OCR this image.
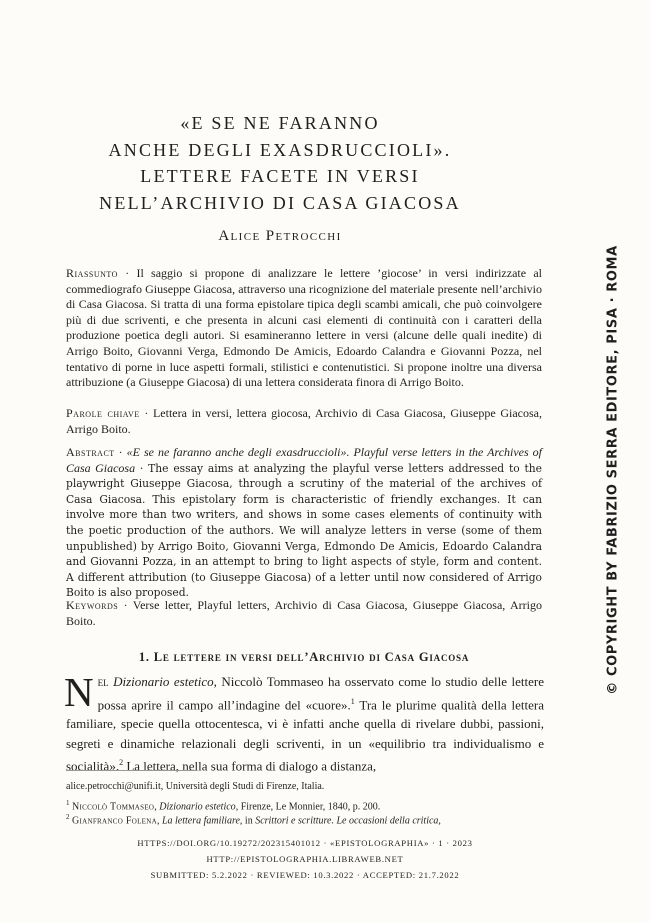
«E SE NE FARANNO
ANCHE DEGLI EXASDRUCCIOLI».
LETTERE FACETE IN VERSI
NELL’ARCHIVIO DI CASA GIACOSA

Alice Petrocchi

© COPYRIGHT BY FABRIZIO SERRA EDITORE, PISA · ROMA

Riassunto · Il saggio si propone di analizzare le lettere ’giocose’ in versi indirizzate al commediografo Giuseppe Giacosa, attraverso una ricognizione del materiale presente nell’archivio di Casa Giacosa. Si tratta di una forma epistolare tipica degli scambi amicali, che può coinvolgere più di due scriventi, e che presenta in alcuni casi elementi di continuità con i caratteri della produzione poetica degli autori. Si esamineranno lettere in versi (alcune delle quali inedite) di Arrigo Boito, Giovanni Verga, Edmondo De Amicis, Edoardo Calandra e Giovanni Pozza, nel tentativo di porne in luce aspetti formali, stilistici e contenutistici. Si propone inoltre una diversa attribuzione (a Giuseppe Giacosa) di una lettera considerata finora di Arrigo Boito.

Parole chiave · Lettera in versi, lettera giocosa, Archivio di Casa Giacosa, Giuseppe Giacosa, Arrigo Boito.

Abstract · «E se ne faranno anche degli exasdruccioli». Playful verse letters in the Archives of Casa Giacosa · The essay aims at analyzing the playful verse letters addressed to the playwright Giuseppe Giacosa, through a scrutiny of the material of the archives of Casa Giacosa. This epistolary form is characteristic of friendly exchanges. It can involve more than two writers, and shows in some cases elements of continuity with the poetic production of the authors. We will analyze letters in verse (some of them unpublished) by Arrigo Boito, Giovanni Verga, Edmondo De Amicis, Edoardo Calandra and Giovanni Pozza, in an attempt to bring to light aspects of style, form and content. A different attribution (to Giuseppe Giacosa) of a letter until now considered of Arrigo Boito is also proposed.

Keywords · Verse letter, Playful letters, Archivio di Casa Giacosa, Giuseppe Giacosa, Arrigo Boito.

1. Le lettere in versi dell’Archivio di Casa Giacosa

Nel Dizionario estetico, Niccolò Tommaseo ha osservato come lo studio delle lettere possa aprire il campo all’indagine del «cuore».$^1$ Tra le plurime qualità della lettera familiare, specie quella ottocentesca, vi è infatti anche quella di rivelare dubbi, passioni, segreti e dinamiche relazionali degli scriventi, in un «equilibrio tra individualismo e socialità».$^2$ La lettera, nella sua forma di dialogo a distanza,

alice.petrocchi@unifi.it, Università degli Studi di Firenze, Italia.

$^1$ Niccolò Tommaseo, Dizionario estetico, Firenze, Le Monnier, 1840, p. 200.

$^2$ Gianfranco Folena, La lettera familiare, in Scrittori e scritture. Le occasioni della critica,

HTTPS://DOI.ORG/10.19272/202315401012 · «EPISTOLOGRAPHIA» · 1 · 2023

HTTP://EPISTOLOGRAPHIA.LIBRAWEB.NET

SUBMITTED: 5.2.2022 · REVIEWED: 10.3.2022 · ACCEPTED: 21.7.2022
